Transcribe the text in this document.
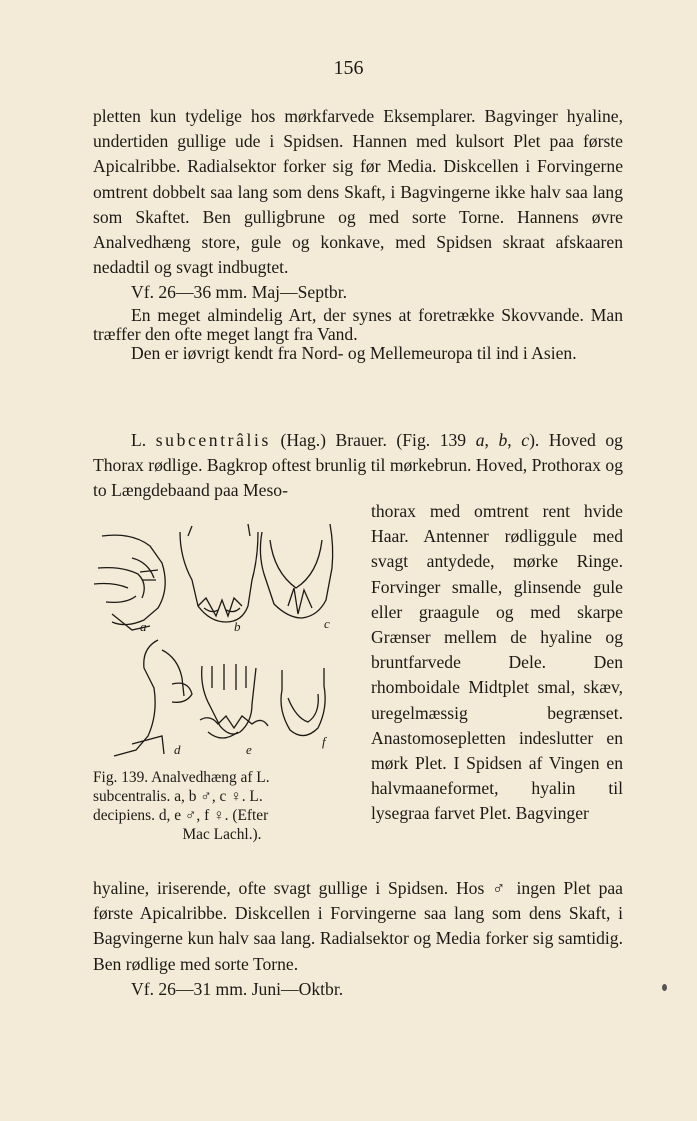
156

pletten kun tydelige hos mørkfarvede Eksemplarer. Bagvinger hyaline, undertiden gullige ude i Spidsen. Hannen med kulsort Plet paa første Apicalribbe. Radialsektor forker sig før Media. Diskcellen i Forvingerne omtrent dobbelt saa lang som dens Skaft, i Bagvingerne ikke halv saa lang som Skaftet. Ben gulligbrune og med sorte Torne. Hannens øvre Analvedhæng store, gule og konkave, med Spidsen skraat afskaaren nedadtil og svagt indbugtet.

Vf. 26—36 mm. Maj—Septbr.

En meget almindelig Art, der synes at foretrække Skovvande. Man træffer den ofte meget langt fra Vand.

Den er iøvrigt kendt fra Nord- og Mellemeuropa til ind i Asien.

L. subcentrâlis (Hag.) Brauer. (Fig. 139 a, b, c). Hoved og Thorax rødlige. Bagkrop oftest brunlig til mørkebrun. Hoved, Prothorax og to Længdebaand paa Meso-

thorax med omtrent rent hvide Haar. Antenner rødliggule med svagt antydede, mørke Ringe. Forvinger smalle, glinsende gule eller graagule og med skarpe Grænser mellem de hyaline og bruntfarvede Dele. Den rhomboidale Midtplet smal, skæv, uregelmæssig begrænset. Anastomosepletten indeslutter en mørk Plet. I Spidsen af Vingen en halvmaaneformet, hyalin til lysegraa farvet Plet. Bagvinger
a	b	c
d	e
f
Fig. 139. Analvedhæng af L.
subcentralis. a, b ♂, c ♀. L.
decipiens. d, e ♂, f ♀. (Efter
Mac Lachl.).

hyaline, iriserende, ofte svagt gullige i Spidsen. Hos ♂ ingen Plet paa første Apicalribbe. Diskcellen i Forvingerne saa lang som dens Skaft, i Bagvingerne kun halv saa lang. Radialsektor og Media forker sig samtidig. Ben rødlige med sorte Torne.

Vf. 26—31 mm. Juni—Oktbr.
